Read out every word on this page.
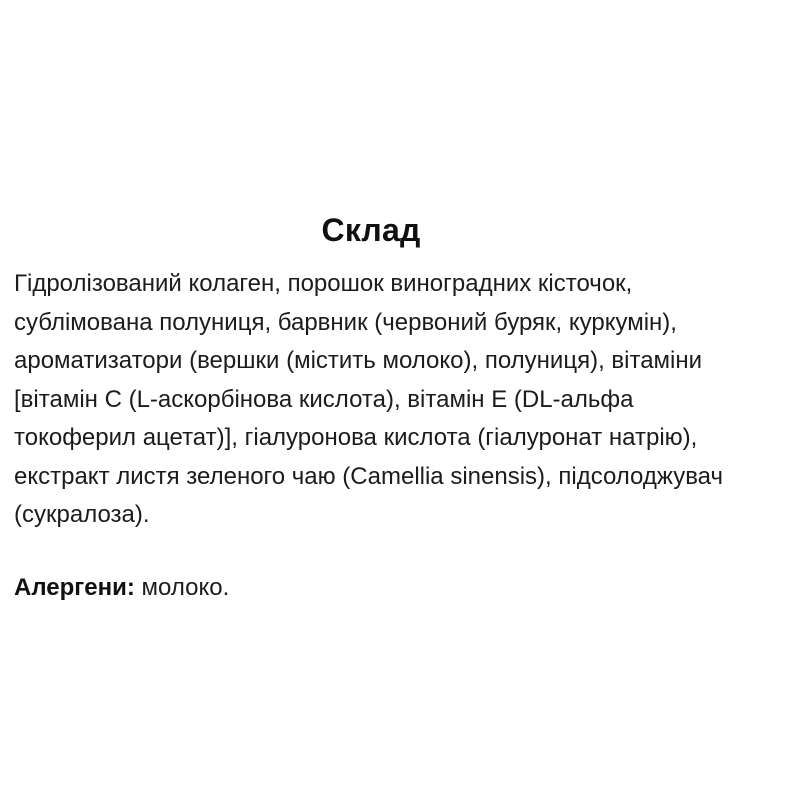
Склад
Гідролізований колаген, порошок виноградних кісточок,
сублімована полуниця, барвник (червоний буряк, куркумін),
ароматизатори (вершки (містить молоко), полуниця), вітаміни
[вітамін C (L-аскорбінова кислота), вітамін E (DL-альфа
токоферил ацетат)], гіалуронова кислота (гіалуронат натрію),
екстракт листя зеленого чаю (Camellia sinensis), підсолоджувач
(сукралоза).

Алергени: молоко.
